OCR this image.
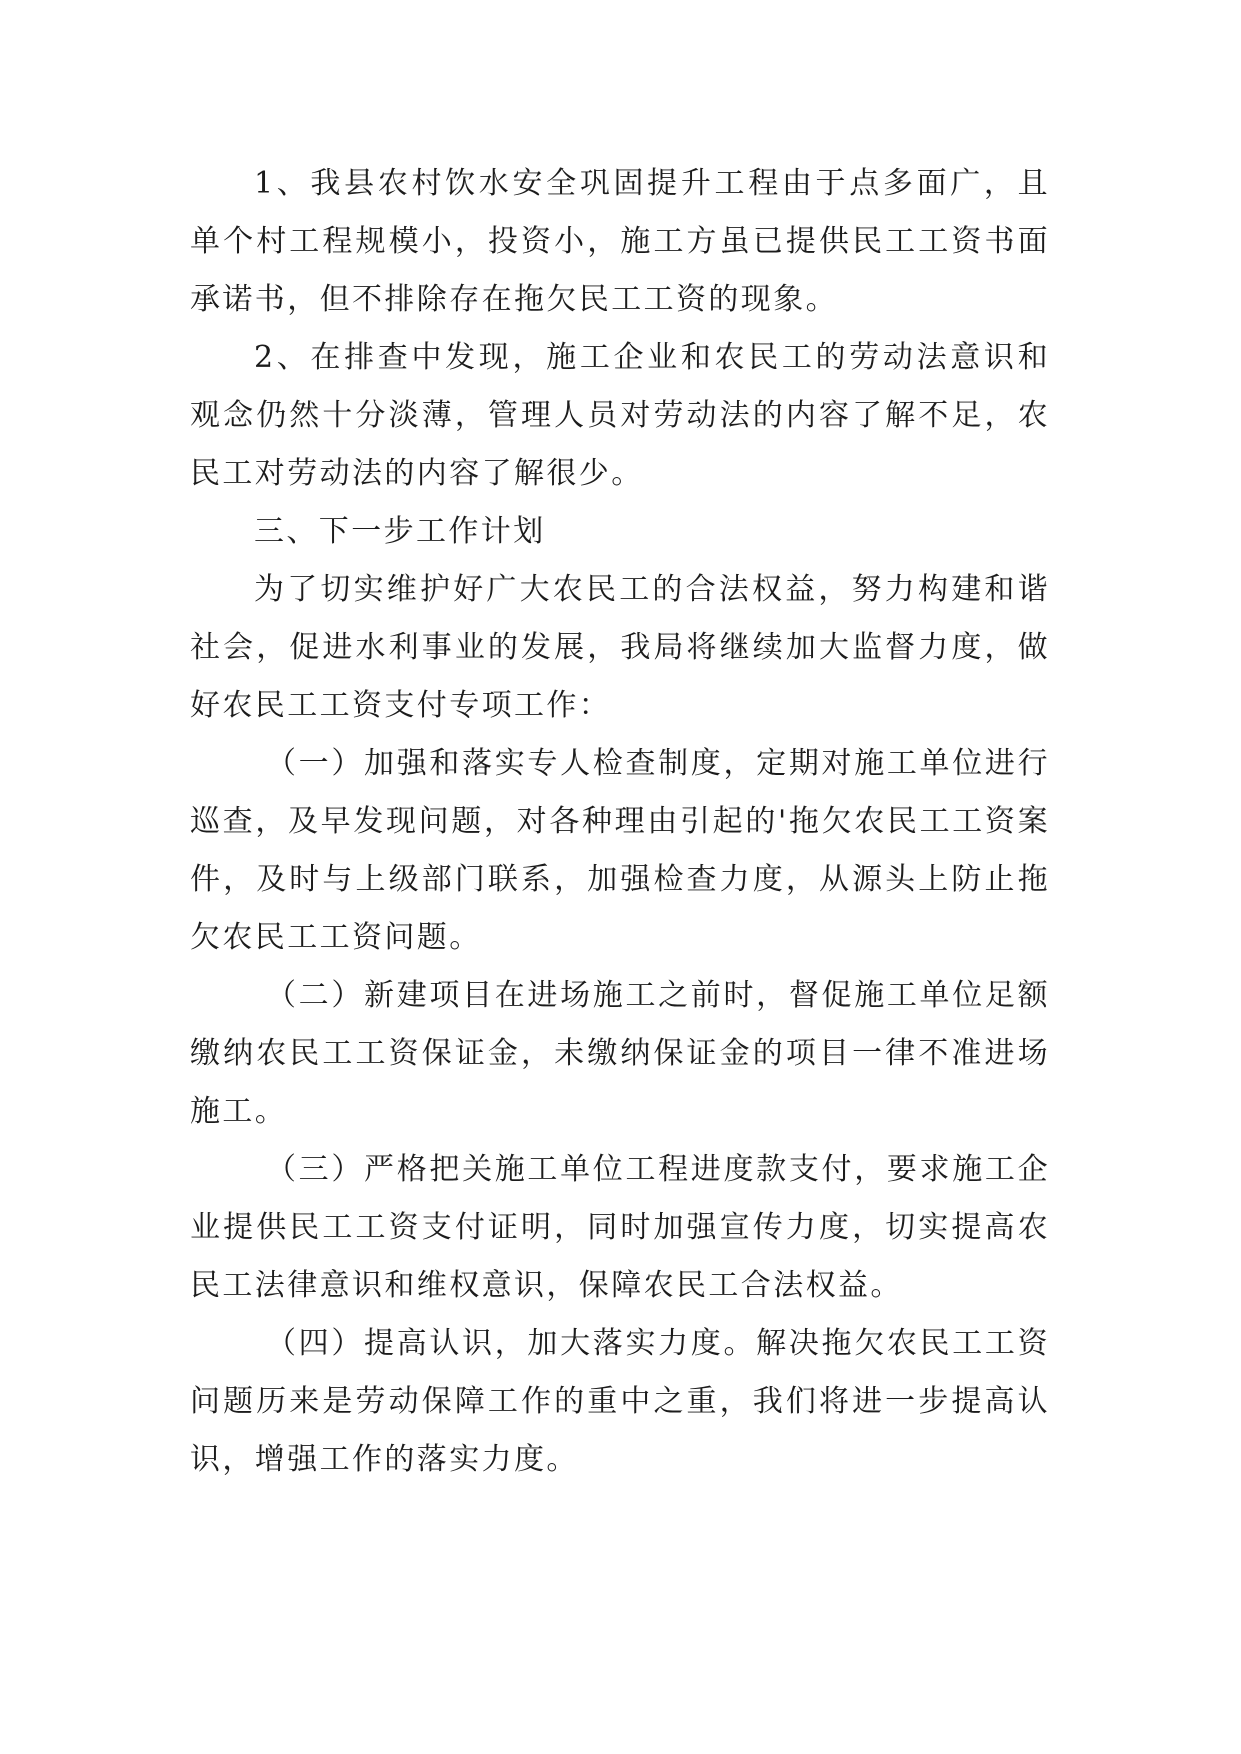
1、我县农村饮水安全巩固提升工程由于点多面广，且单个村工程规模小，投资小，施工方虽已提供民工工资书面承诺书，但不排除存在拖欠民工工资的现象。

2、在排查中发现，施工企业和农民工的劳动法意识和观念仍然十分淡薄，管理人员对劳动法的内容了解不足，农民工对劳动法的内容了解很少。

三、下一步工作计划

为了切实维护好广大农民工的合法权益，努力构建和谐社会，促进水利事业的发展，我局将继续加大监督力度，做好农民工工资支付专项工作：

（一）加强和落实专人检查制度，定期对施工单位进行巡查，及早发现问题，对各种理由引起的'拖欠农民工工资案件，及时与上级部门联系，加强检查力度，从源头上防止拖欠农民工工资问题。

（二）新建项目在进场施工之前时，督促施工单位足额缴纳农民工工资保证金，未缴纳保证金的项目一律不准进场施工。

（三）严格把关施工单位工程进度款支付，要求施工企业提供民工工资支付证明，同时加强宣传力度，切实提高农民工法律意识和维权意识，保障农民工合法权益。

（四）提高认识，加大落实力度。解决拖欠农民工工资问题历来是劳动保障工作的重中之重，我们将进一步提高认识，增强工作的落实力度。
